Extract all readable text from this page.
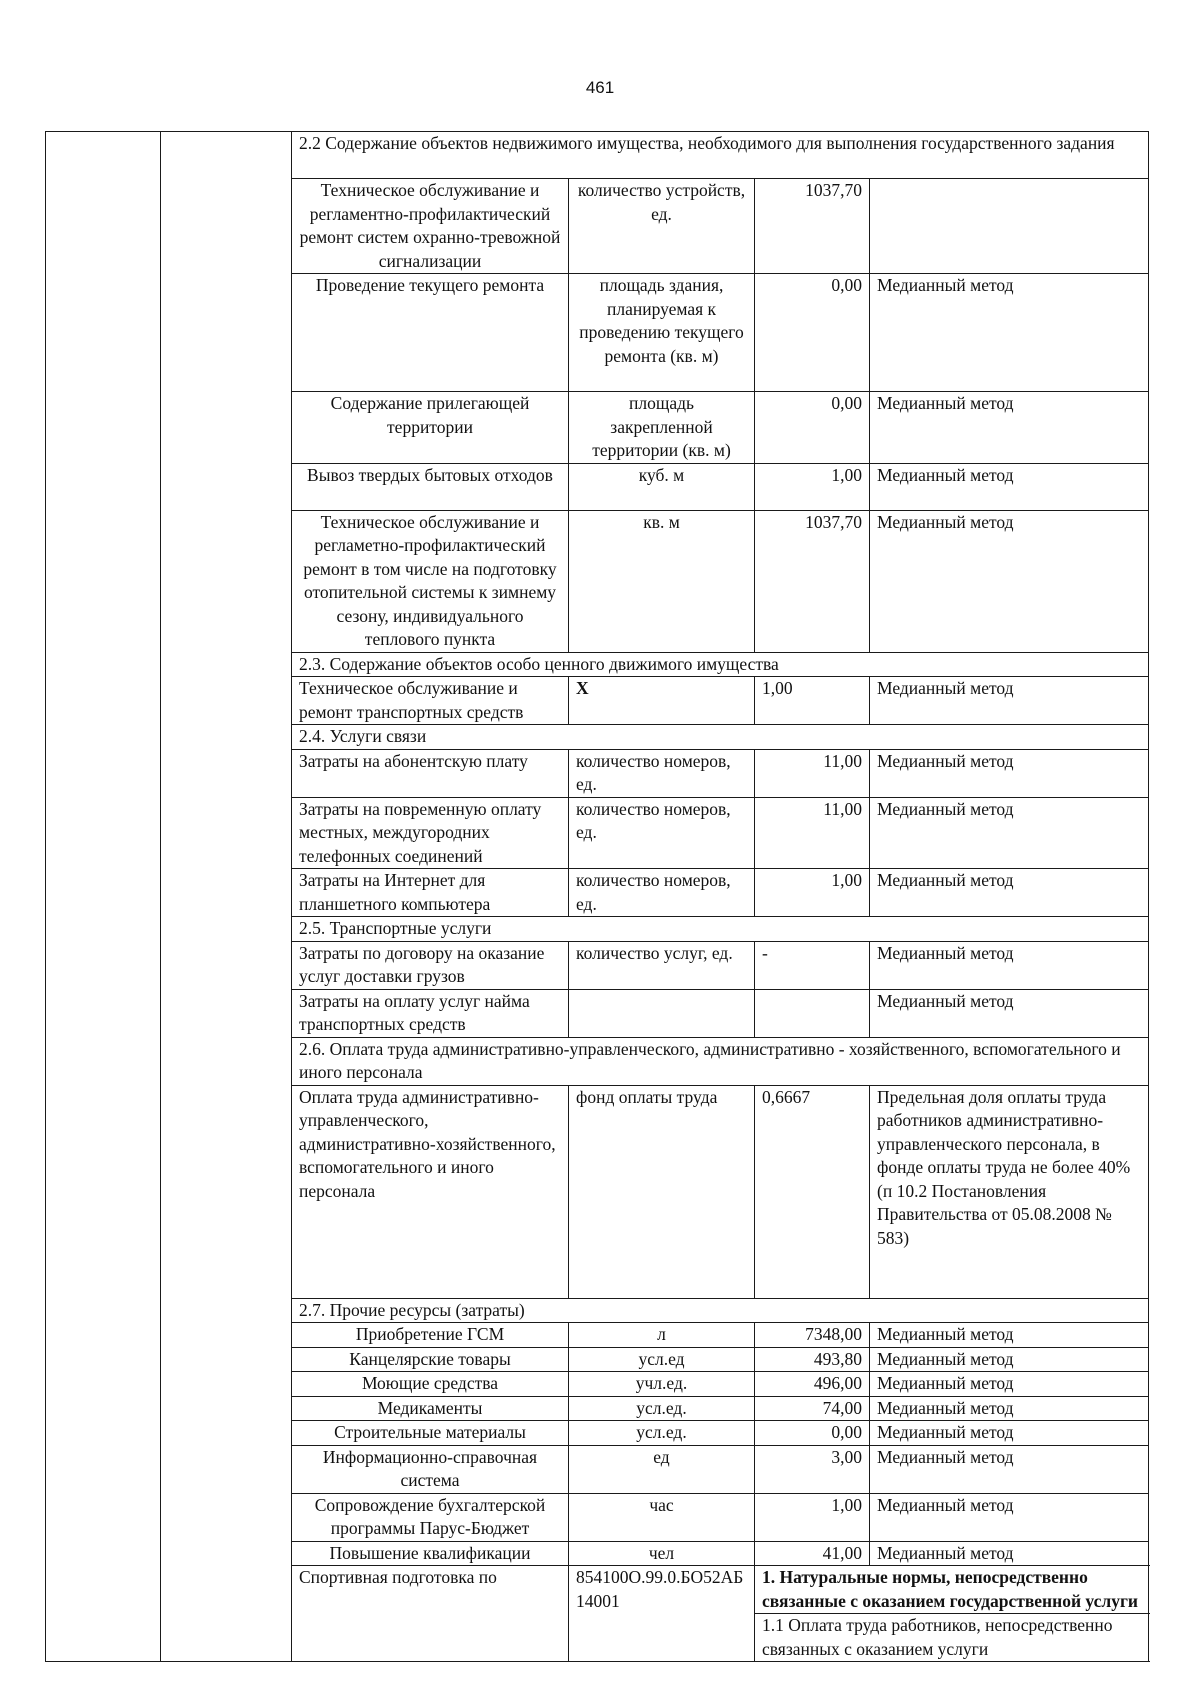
461
		2.2 Содержание объектов недвижимого имущества, необходимого для выполнения государственного задания			
		Техническое обслуживание и регламентно-профилактический ремонт систем охранно-тревожной сигнализации	количество устройств, ед.	1037,70	
		Проведение текущего ремонта	площадь здания, планируемая к проведению текущего ремонта (кв. м)	0,00	Медианный метод
		Содержание прилегающей территории	площадь закрепленной территории (кв. м)	0,00	Медианный метод
		Вывоз твердых бытовых отходов	куб. м	1,00	Медианный метод
		Техническое обслуживание и регламетно-профилактический ремонт в том числе на подготовку отопительной системы к зимнему сезону, индивидуального теплового пункта	кв. м	1037,70	Медианный метод
		2.3. Содержание объектов особо ценного движимого имущества			
		Техническое обслуживание и ремонт транспортных средств	X	1,00	Медианный метод
		2.4. Услуги связи			
		Затраты на абонентскую плату	количество номеров, ед.	11,00	Медианный метод
		Затраты на повременную оплату местных, междугородних телефонных соединений	количество номеров, ед.	11,00	Медианный метод
		Затраты на Интернет для планшетного компьютера	количество номеров, ед.	1,00	Медианный метод
		2.5. Транспортные услуги			
		Затраты по договору на оказание услуг доставки грузов	количество услуг, ед.	-	Медианный метод
		Затраты на оплату услуг найма транспортных средств			Медианный метод
		2.6. Оплата труда административно-управленческого, административно - хозяйственного, вспомогательного и иного персонала			
		Оплата труда административно-управленческого, административно-хозяйственного, вспомогательного и иного персонала	фонд оплаты труда	0,6667	Предельная доля оплаты труда работников административно-управленческого персонала, в фонде оплаты труда не более 40% (п 10.2 Постановления Правительства от 05.08.2008 № 583)
		2.7. Прочие ресурсы (затраты)			
		Приобретение ГСМ	л	7348,00	Медианный метод
		Канцелярские товары	усл.ед	493,80	Медианный метод
		Моющие средства	учл.ед.	496,00	Медианный метод
		Медикаменты	усл.ед.	74,00	Медианный метод
		Строительные материалы	усл.ед.	0,00	Медианный метод
		Информационно-справочная система	ед	3,00	Медианный метод
		Сопровождение бухгалтерской программы Парус-Бюджет	час	1,00	Медианный метод
		Повышение квалификации	чел	41,00	Медианный метод
		Спортивная подготовка по	854100О.99.0.БО52АБ14001	1. Натуральные нормы, непосредственно связанные с оказанием государственной услуги	
				1.1 Оплата труда работников, непосредственно связанных с оказанием услуги	
